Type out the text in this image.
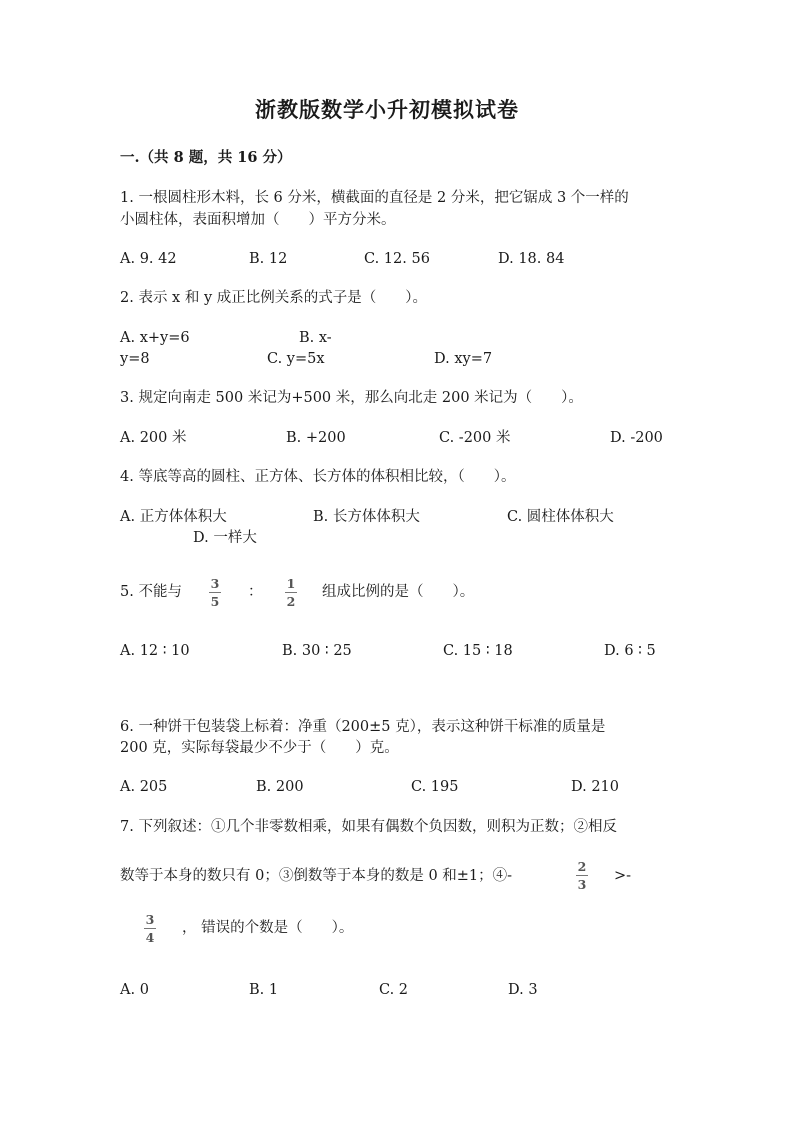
浙教版数学小升初模拟试卷
一.（共 8 题，共 16 分）
1. 一根圆柱形木料，长 6 分米，横截面的直径是 2 分米，把它锯成 3 个一样的
小圆柱体，表面积增加（　　）平方分米。
A. 9. 42	B. 12	C. 12. 56	D. 18. 84
2. 表示 x 和 y 成正比例关系的式子是（　　）。
A. x+y=6	B. x-
y=8	C. y=5x	D. xy=7
3. 规定向南走 500 米记为+500 米，那么向北走 200 米记为（　　）。
A. 200 米	B. +200	C. -200 米	D. -200
4. 等底等高的圆柱、正方体、长方体的体积相比较，（　　）。
A. 正方体体积大	B. 长方体体积大	C. 圆柱体体积大
D. 一样大
5. 不能与
3
5
：
1
2
组成比例的是（　　）。
A. 12 ∶ 10	B. 30 ∶ 25	C. 15 ∶ 18	D. 6 ∶ 5
6. 一种饼干包装袋上标着：净重（200±5 克），表示这种饼干标准的质量是
200 克，实际每袋最少不少于（　　）克。
A. 205	B. 200	C. 195	D. 210
7. 下列叙述：①几个非零数相乘，如果有偶数个负因数，则积为正数；②相反
数等于本身的数只有 0；③倒数等于本身的数是 0 和±1；④-
2
3
>-
3
4
， 错误的个数是（　　）。
A. 0	B. 1	C. 2	D. 3
